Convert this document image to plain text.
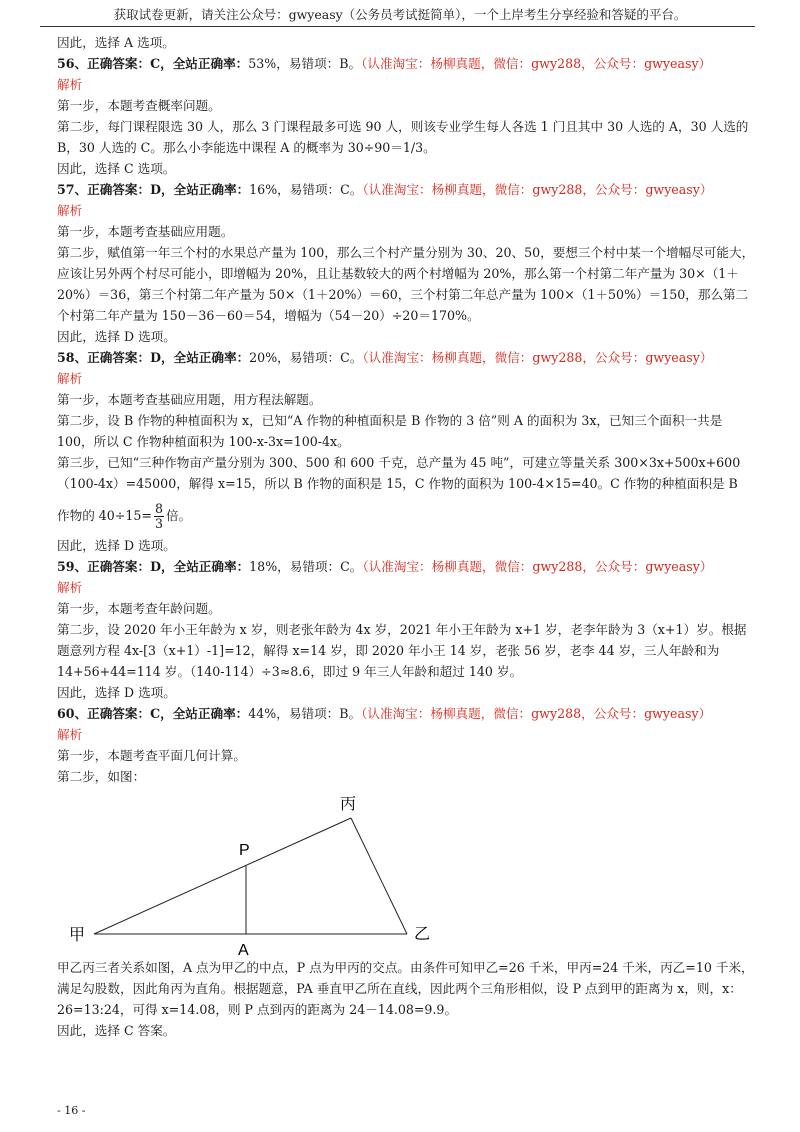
获取试卷更新，请关注公众号：gwyeasy（公务员考试挺简单），一个上岸考生分享经验和答疑的平台。
因此，选择 A 选项。
56、正确答案：C，全站正确率：53%，易错项：B。（认准淘宝：杨柳真题，微信：gwy288，公众号：gwyeasy）
解析
第一步，本题考查概率问题。
第二步，每门课程限选 30 人，那么 3 门课程最多可选 90 人，则该专业学生每人各选 1 门且其中 30 人选的 A，30 人选的 B，30 人选的 C。那么小李能选中课程 A 的概率为 30÷90＝1/3。
因此，选择 C 选项。
57、正确答案：D，全站正确率：16%，易错项：C。（认准淘宝：杨柳真题，微信：gwy288，公众号：gwyeasy）
解析
第一步，本题考查基础应用题。
第二步，赋值第一年三个村的水果总产量为 100，那么三个村产量分别为 30、20、50，要想三个村中某一个增幅尽可能大，应该让另外两个村尽可能小，即增幅为 20%，且让基数较大的两个村增幅为 20%，那么第一个村第二年产量为 30×（1＋20%）＝36，第三个村第二年产量为 50×（1＋20%）＝60，三个村第二年总产量为 100×（1＋50%）＝150，那么第二个村第二年产量为 150－36－60＝54，增幅为（54－20）÷20＝170%。
因此，选择 D 选项。
58、正确答案：D，全站正确率：20%，易错项：C。（认准淘宝：杨柳真题，微信：gwy288，公众号：gwyeasy）
解析
第一步，本题考查基础应用题，用方程法解题。
第二步，设 B 作物的种植面积为 x，已知“A 作物的种植面积是 B 作物的 3 倍”则 A 的面积为 3x，已知三个面积一共是 100，所以 C 作物种植面积为 100-x-3x=100-4x。
第三步，已知“三种作物亩产量分别为 300、500 和 600 千克，总产量为 45 吨”，可建立等量关系 300×3x+500x+600（100-4x）=45000，解得 x=15，所以 B 作物的面积是 15，C 作物的面积为 100-4×15=40。C 作物的种植面积是 B
作物的 $40\div 15= \frac{8}{3}$ 倍。
因此，选择 D 选项。
59、正确答案：D，全站正确率：18%，易错项：C。（认准淘宝：杨柳真题，微信：gwy288，公众号：gwyeasy）
解析
第一步，本题考查年龄问题。
第二步，设 2020 年小王年龄为 x 岁，则老张年龄为 4x 岁，2021 年小王年龄为 x+1 岁，老李年龄为 3（x+1）岁。根据题意列方程 4x-[3（x+1）-1]=12，解得 x=14 岁，即 2020 年小王 14 岁，老张 56 岁，老李 44 岁，三人年龄和为 14+56+44=114 岁。（140-114）÷3≈8.6，即过 9 年三人年龄和超过 140 岁。
因此，选择 D 选项。
60、正确答案：C，全站正确率：44%，易错项：B。（认准淘宝：杨柳真题，微信：gwy288，公众号：gwyeasy）
解析
第一步，本题考查平面几何计算。
第二步，如图：
甲	乙
丙
P
A
甲乙丙三者关系如图，A 点为甲乙的中点，P 点为甲丙的交点。由条件可知甲乙=26 千米，甲丙=24 千米，丙乙=10 千米，满足勾股数，因此角丙为直角。根据题意，PA 垂直甲乙所在直线，因此两个三角形相似，设 P 点到甲的距离为 x，则，x：26=13:24，可得 x=14.08，则 P 点到丙的距离为 24－14.08=9.9。
因此，选择 C 答案。
- 16 -
